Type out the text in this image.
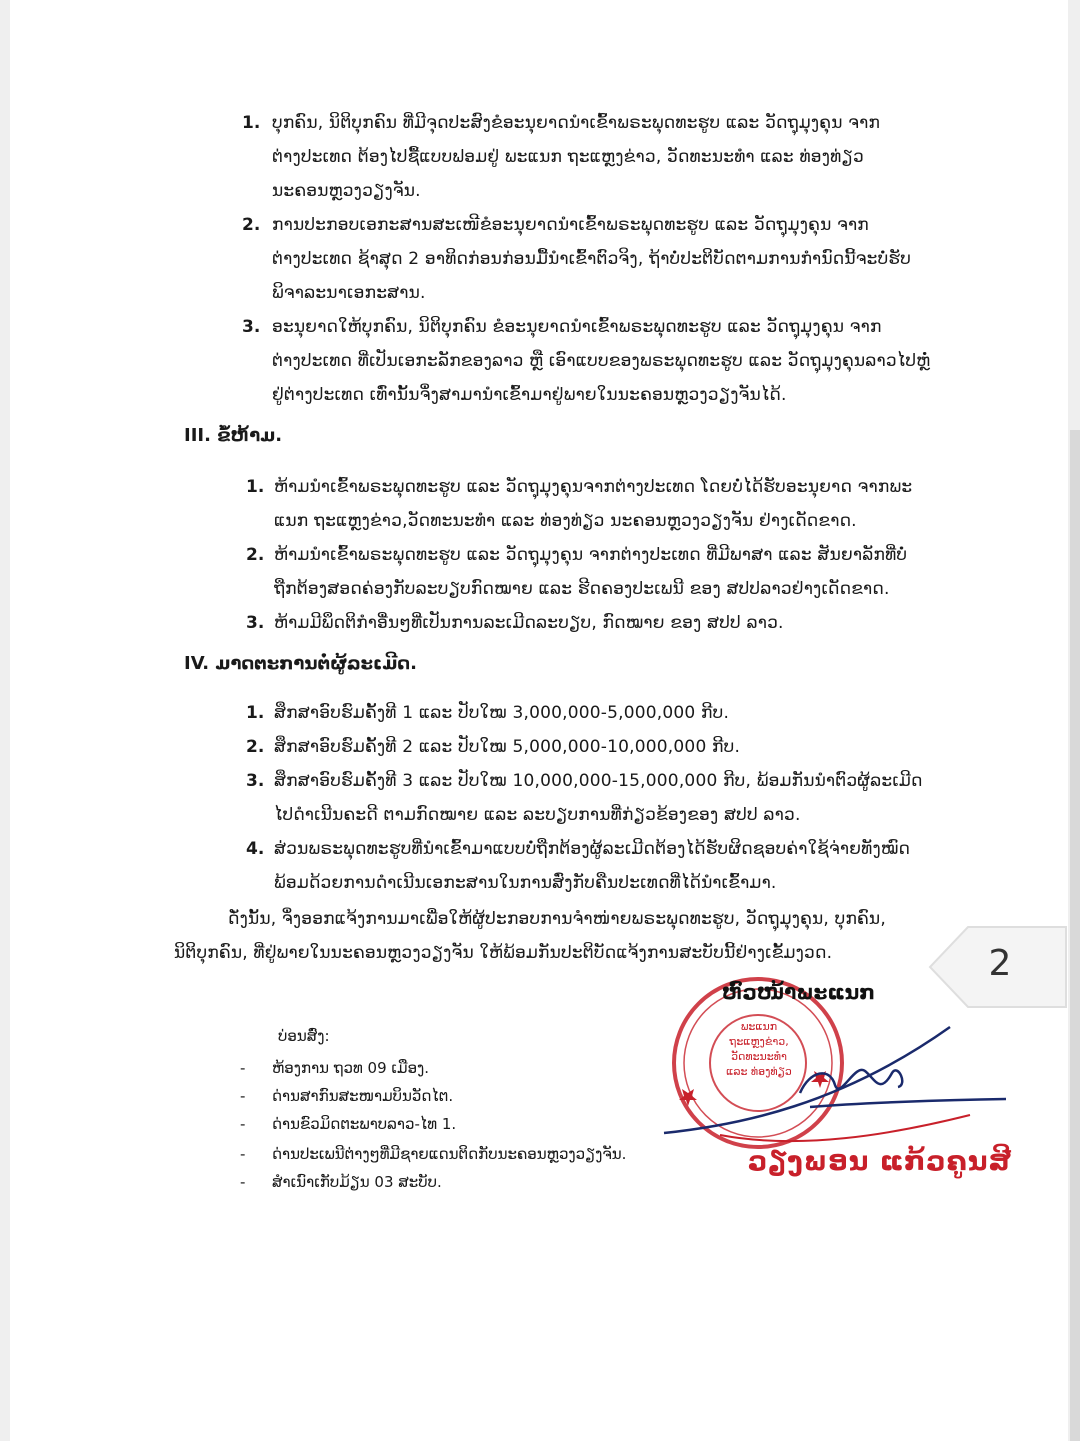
1. ບຸກຄົນ, ນິຕິບຸກຄົນ ທີ່ມີຈຸດປະສົງຂໍອະນຸຍາດນຳເຂົ້າພຣະພຸດທະຮູບ ແລະ ວັດຖຸມຸງຄຸນ ຈາກ
ຕ່າງປະເທດ ຕ້ອງໄປຊື້ແບບຟອມຢູ່ ພະແນກ ຖະແຫຼງຂ່າວ, ວັດທະນະທຳ ແລະ ທ່ອງທ່ຽວ
ນະຄອນຫຼວງວຽງຈັນ.
2. ການປະກອບເອກະສານສະເໜີຂໍອະນຸຍາດນຳເຂົ້າພຣະພຸດທະຮູບ ແລະ ວັດຖຸມຸງຄຸນ ຈາກ
ຕ່າງປະເທດ ຊ້າສຸດ 2 ອາທິດກ່ອນກ່ອນມື້ນຳເຂົ້າຕົວຈິງ, ຖ້າບໍ່ປະຕິບັດຕາມການກຳນົດນີ້ຈະບໍ່ຮັບ
ພິຈາລະນາເອກະສານ.
3. ອະນຸຍາດໃຫ້ບຸກຄົນ, ນິຕິບຸກຄົນ ຂໍອະນຸຍາດນຳເຂົ້າພຣະພຸດທະຮູບ ແລະ ວັດຖຸມຸງຄຸນ ຈາກ
ຕ່າງປະເທດ ທີ່ເປັນເອກະລັກຂອງລາວ ຫຼື ເອົາແບບຂອງພຣະພຸດທະຮູບ ແລະ ວັດຖຸມຸງຄຸນລາວໄປຫຼໍ່
ຢູ່ຕ່າງປະເທດ ເທົ່ານັ້ນຈຶ່ງສາມານຳເຂົ້າມາຢູ່ພາຍໃນນະຄອນຫຼວງວຽງຈັນໄດ້.
III. ຂໍ້ຫ້າມ.
1. ຫ້າມນຳເຂົ້າພຣະພຸດທະຮູບ ແລະ ວັດຖຸມຸງຄຸນຈາກຕ່າງປະເທດ ໂດຍບໍ່ໄດ້ຮັບອະນຸຍາດ ຈາກພະ
ແນກ ຖະແຫຼງຂ່າວ,ວັດທະນະທຳ ແລະ ທ່ອງທ່ຽວ ນະຄອນຫຼວງວຽງຈັນ ຢ່າງເດັດຂາດ.
2. ຫ້າມນຳເຂົ້າພຣະພຸດທະຮູບ ແລະ ວັດຖຸມຸງຄຸນ ຈາກຕ່າງປະເທດ ທີ່ມີພາສາ ແລະ ສັນຍາລັກທີ່ບໍ່
ຖືກຕ້ອງສອດຄ່ອງກັບລະບຽບກົດໝາຍ ແລະ ຮີດຄອງປະເພນີ ຂອງ ສປປລາວຢ່າງເດັດຂາດ.
3. ຫ້າມມີພຶດຕິກຳອື່ນໆທີ່ເປັນການລະເມີດລະບຽບ, ກົດໝາຍ ຂອງ ສປປ ລາວ.
IV. ມາດຕະການຕໍ່ຜູ້ລະເມີດ.
1. ສຶກສາອົບຮົມຄັ້ງທີ 1 ແລະ ປັບໃໝ 3,000,000-5,000,000 ກີບ.
2. ສຶກສາອົບຮົມຄັ້ງທີ 2 ແລະ ປັບໃໝ 5,000,000-10,000,000 ກີບ.
3. ສຶກສາອົບຮົມຄັ້ງທີ 3 ແລະ ປັບໃໝ 10,000,000-15,000,000 ກີບ, ພ້ອມກັນນຳຕົວຜູ້ລະເມີດ
ໄປດຳເນີນຄະດີ ຕາມກົດໝາຍ ແລະ ລະບຽບການທີ່ກ່ຽວຂ້ອງຂອງ ສປປ ລາວ.
4. ສ່ວນພຣະພຸດທະຮູບທີ່ນຳເຂົ້າມາແບບບໍ່ຖືກຕ້ອງຜູ້ລະເມີດຕ້ອງໄດ້ຮັບຜິດຊອບຄ່າໃຊ້ຈ່າຍທັງໝົດ
ພ້ອມດ້ວຍການດຳເນີນເອກະສານໃນການສົ່ງກັບຄືນປະເທດທີ່ໄດ້ນຳເຂົ້າມາ.
ດັ່ງນັ້ນ, ຈຶ່ງອອກແຈ້ງການມາເພື່ອໃຫ້ຜູ້ປະກອບການຈຳໜ່າຍພຣະພຸດທະຮູບ, ວັດຖຸມຸງຄຸນ, ບຸກຄົນ,
ນິຕິບຸກຄົນ, ທີ່ຢູ່ພາຍໃນນະຄອນຫຼວງວຽງຈັນ ໃຫ້ພ້ອມກັນປະຕິບັດແຈ້ງການສະບັບນີ້ຢ່າງເຂັ້ມງວດ.
ບ່ອນສົ່ງ:
- ຫ້ອງການ ຖວທ 09 ເມືອງ.
- ດ່ານສາກົນສະໜາມບິນວັດໄຕ.
- ດ່ານຂົວມິດຕະພາບລາວ-ໄທ 1.
- ດ່ານປະເພນີຕ່າງໆທີ່ມີຊາຍແດນຕິດກັບນະຄອນຫຼວງວຽງຈັນ.
- ສຳເນົາເກັບມ້ຽນ 03 ສະບັບ.
ພະແນກ
ຖະແຫຼງຂ່າວ, ວັດທະນະທຳ
ແລະ ທ່ອງທ່ຽວ
ຫົວໜ້າພະແນກ
ວຽງພອນ ແກ້ວຄູນສີ
2
